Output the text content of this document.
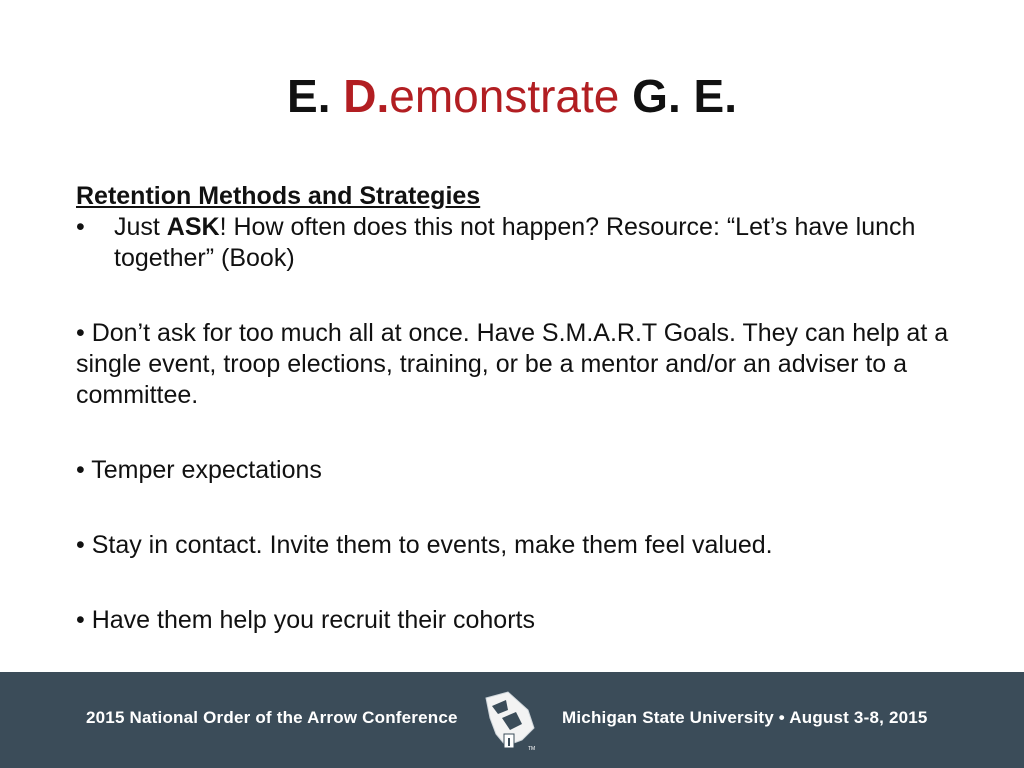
E. D.emonstrate G. E.

Retention Methods and Strategies

•	Just ASK! How often does this not happen? Resource: “Let’s have lunch together” (Book)

• Don’t ask for too much all at once. Have S.M.A.R.T Goals. They can help at a single event, troop elections, training, or be a mentor and/or an adviser to a committee.

• Temper expectations

• Stay in contact. Invite them to events, make them feel valued.

• Have them help you recruit their cohorts

2015 National Order of the Arrow Conference
TM
Michigan State University • August 3-8, 2015
